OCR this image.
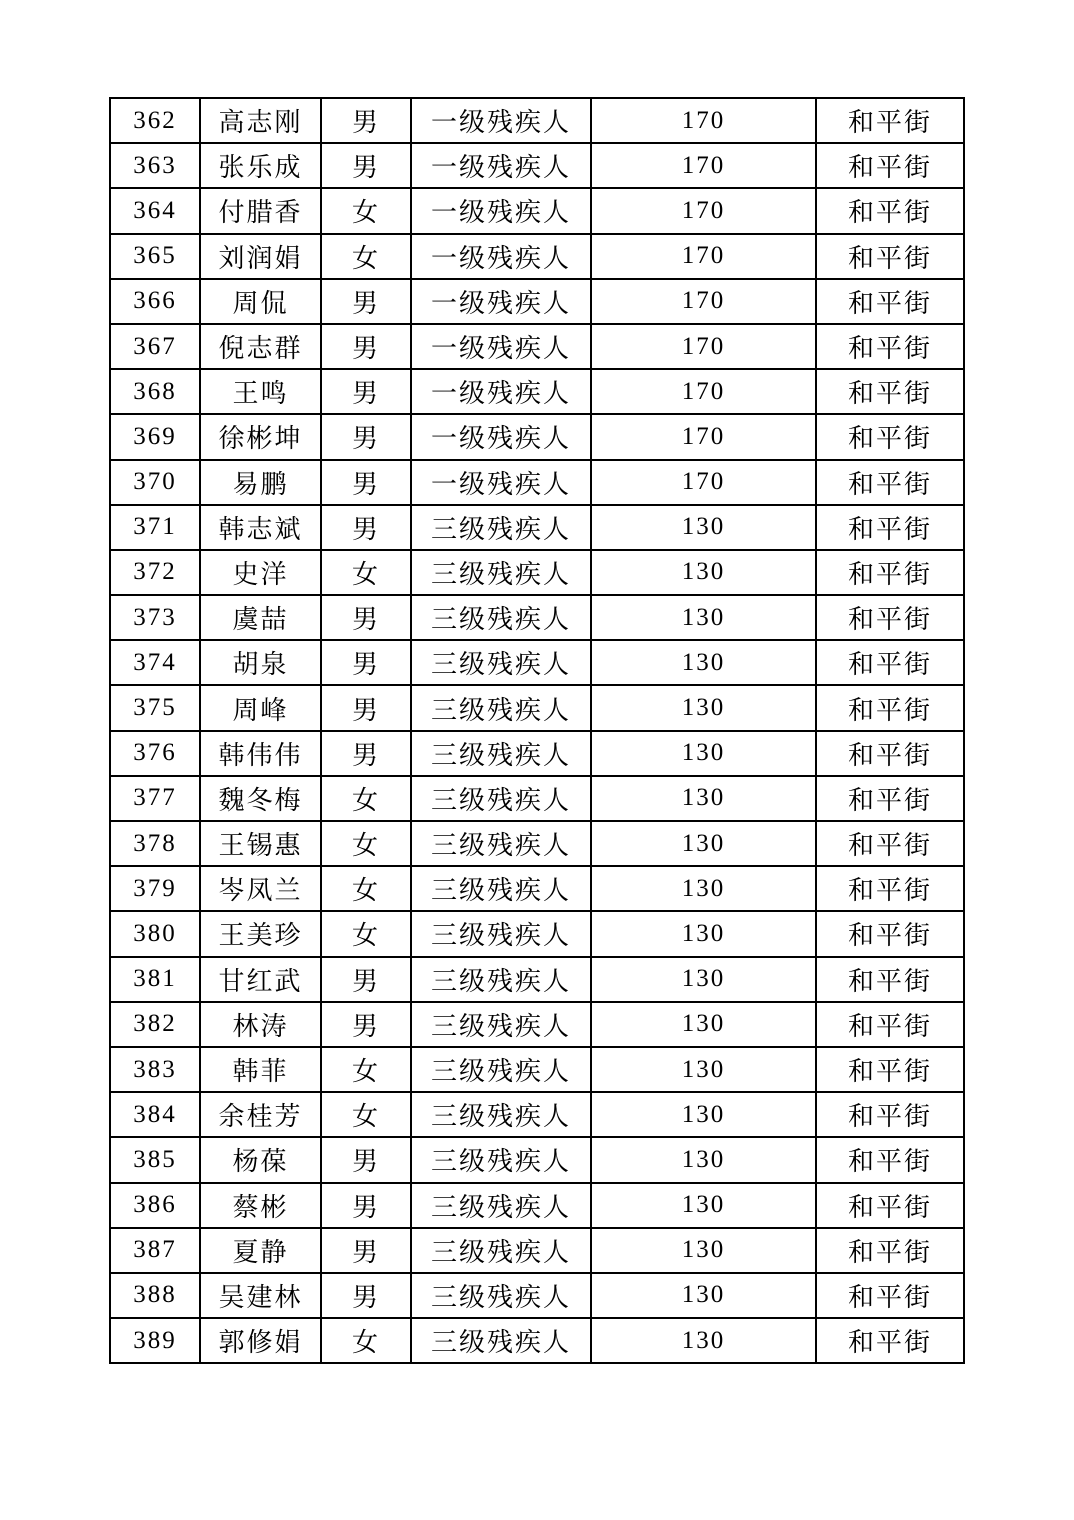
362	高志刚	男	一级残疾人	170	和平街
363	张乐成	男	一级残疾人	170	和平街
364	付腊香	女	一级残疾人	170	和平街
365	刘润娟	女	一级残疾人	170	和平街
366	周侃	男	一级残疾人	170	和平街
367	倪志群	男	一级残疾人	170	和平街
368	王鸣	男	一级残疾人	170	和平街
369	徐彬坤	男	一级残疾人	170	和平街
370	易鹏	男	一级残疾人	170	和平街
371	韩志斌	男	三级残疾人	130	和平街
372	史洋	女	三级残疾人	130	和平街
373	虞喆	男	三级残疾人	130	和平街
374	胡泉	男	三级残疾人	130	和平街
375	周峰	男	三级残疾人	130	和平街
376	韩伟伟	男	三级残疾人	130	和平街
377	魏冬梅	女	三级残疾人	130	和平街
378	王锡惠	女	三级残疾人	130	和平街
379	岑凤兰	女	三级残疾人	130	和平街
380	王美珍	女	三级残疾人	130	和平街
381	甘红武	男	三级残疾人	130	和平街
382	林涛	男	三级残疾人	130	和平街
383	韩菲	女	三级残疾人	130	和平街
384	余桂芳	女	三级残疾人	130	和平街
385	杨葆	男	三级残疾人	130	和平街
386	蔡彬	男	三级残疾人	130	和平街
387	夏静	男	三级残疾人	130	和平街
388	吴建林	男	三级残疾人	130	和平街
389	郭修娟	女	三级残疾人	130	和平街
